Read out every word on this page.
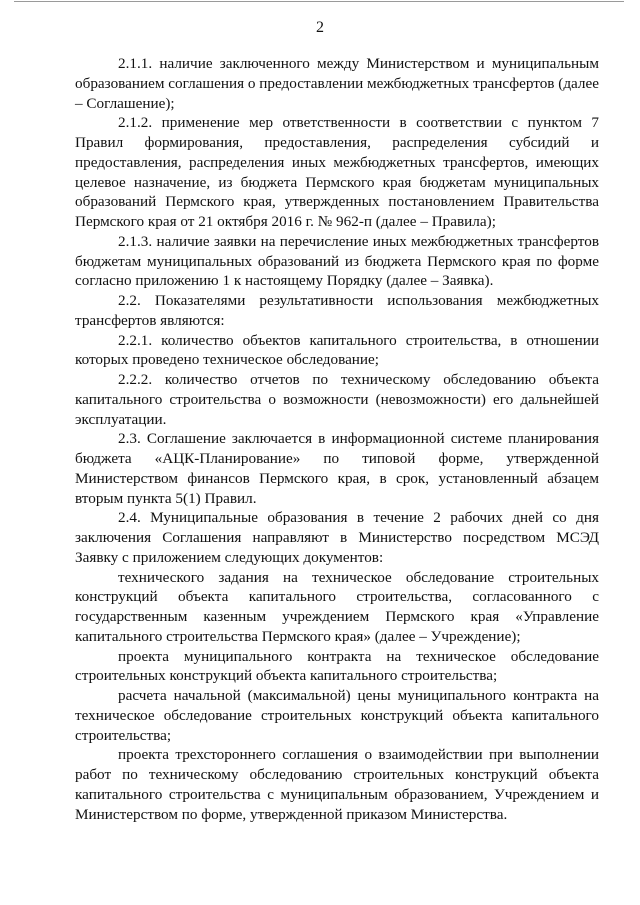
2

2.1.1. наличие заключенного между Министерством и муниципальным образованием соглашения о предоставлении межбюджетных трансфертов (далее – Соглашение);

2.1.2. применение мер ответственности в соответствии с пунктом 7 Правил формирования, предоставления, распределения субсидий и предоставления, распределения иных межбюджетных трансфертов, имеющих целевое назначение, из бюджета Пермского края бюджетам муниципальных образований Пермского края, утвержденных постановлением Правительства Пермского края от 21 октября 2016 г. № 962-п (далее – Правила);

2.1.3. наличие заявки на перечисление иных межбюджетных трансфертов бюджетам муниципальных образований из бюджета Пермского края по форме согласно приложению 1 к настоящему Порядку (далее – Заявка).

2.2. Показателями результативности использования межбюджетных трансфертов являются:

2.2.1. количество объектов капитального строительства, в отношении которых проведено техническое обследование;

2.2.2. количество отчетов по техническому обследованию объекта капитального строительства о возможности (невозможности) его дальнейшей эксплуатации.

2.3. Соглашение заключается в информационной системе планирования бюджета «АЦК-Планирование» по типовой форме, утвержденной Министерством финансов Пермского края, в срок, установленный абзацем вторым пункта 5(1) Правил.

2.4. Муниципальные образования в течение 2 рабочих дней со дня заключения Соглашения направляют в Министерство посредством МСЭД Заявку с приложением следующих документов:

технического задания на техническое обследование строительных конструкций объекта капитального строительства, согласованного с государственным казенным учреждением Пермского края «Управление капитального строительства Пермского края» (далее – Учреждение);

проекта муниципального контракта на техническое обследование строительных конструкций объекта капитального строительства;

расчета начальной (максимальной) цены муниципального контракта на техническое обследование строительных конструкций объекта капитального строительства;

проекта трехстороннего соглашения о взаимодействии при выполнении работ по техническому обследованию строительных конструкций объекта капитального строительства с муниципальным образованием, Учреждением и Министерством по форме, утвержденной приказом Министерства.
